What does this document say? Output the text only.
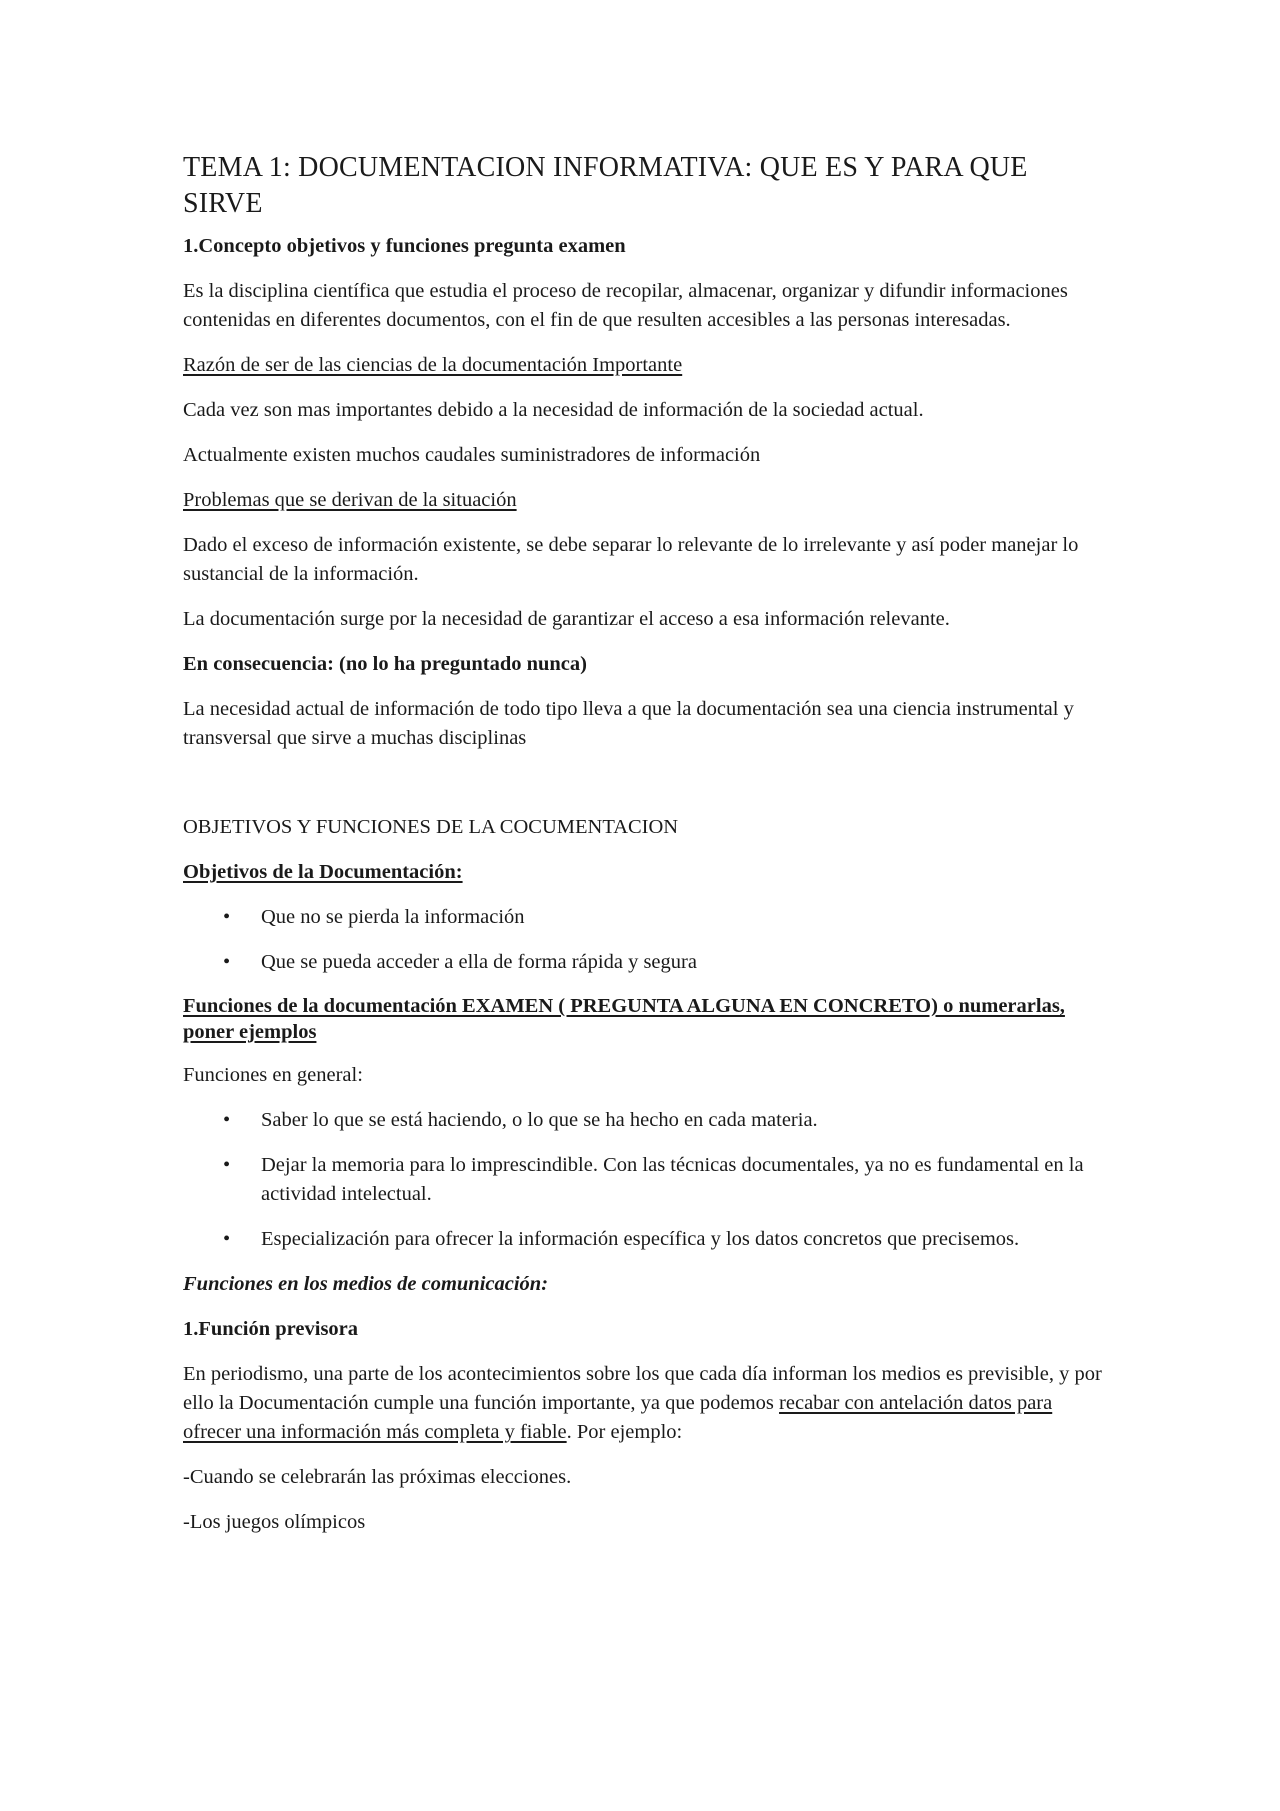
TEMA 1: DOCUMENTACION INFORMATIVA: QUE ES Y PARA QUE SIRVE

1.Concepto objetivos y funciones pregunta examen

Es la disciplina científica que estudia el proceso de recopilar, almacenar, organizar y difundir informaciones contenidas en diferentes documentos, con el fin de que resulten accesibles a las personas interesadas.

Razón de ser de las ciencias de la documentación Importante

Cada vez son mas importantes debido a la necesidad de información de la sociedad actual.

Actualmente existen muchos caudales suministradores de información

Problemas que se derivan de la situación

Dado el exceso de información existente, se debe separar lo relevante de lo irrelevante y así poder manejar lo sustancial de la información.

La documentación surge por la necesidad de garantizar el acceso a esa información relevante.

En consecuencia: (no lo ha preguntado nunca)

La necesidad actual de información de todo tipo lleva a que la documentación sea una ciencia instrumental y transversal que sirve a muchas disciplinas

OBJETIVOS Y FUNCIONES DE LA COCUMENTACION

Objetivos de la Documentación:

• Que no se pierda la información
• Que se pueda acceder a ella de forma rápida y segura

Funciones de la documentación EXAMEN ( PREGUNTA ALGUNA EN CONCRETO) o numerarlas, poner ejemplos

Funciones en general:

• Saber lo que se está haciendo, o lo que se ha hecho en cada materia.
• Dejar la memoria para lo imprescindible. Con las técnicas documentales, ya no es fundamental en la actividad intelectual.
• Especialización para ofrecer la información específica y los datos concretos que precisemos.

Funciones en los medios de comunicación:

1.Función previsora

En periodismo, una parte de los acontecimientos sobre los que cada día informan los medios es previsible, y por ello la Documentación cumple una función importante, ya que podemos recabar con antelación datos para ofrecer una información más completa y fiable. Por ejemplo:

-Cuando se celebrarán las próximas elecciones.

-Los juegos olímpicos
